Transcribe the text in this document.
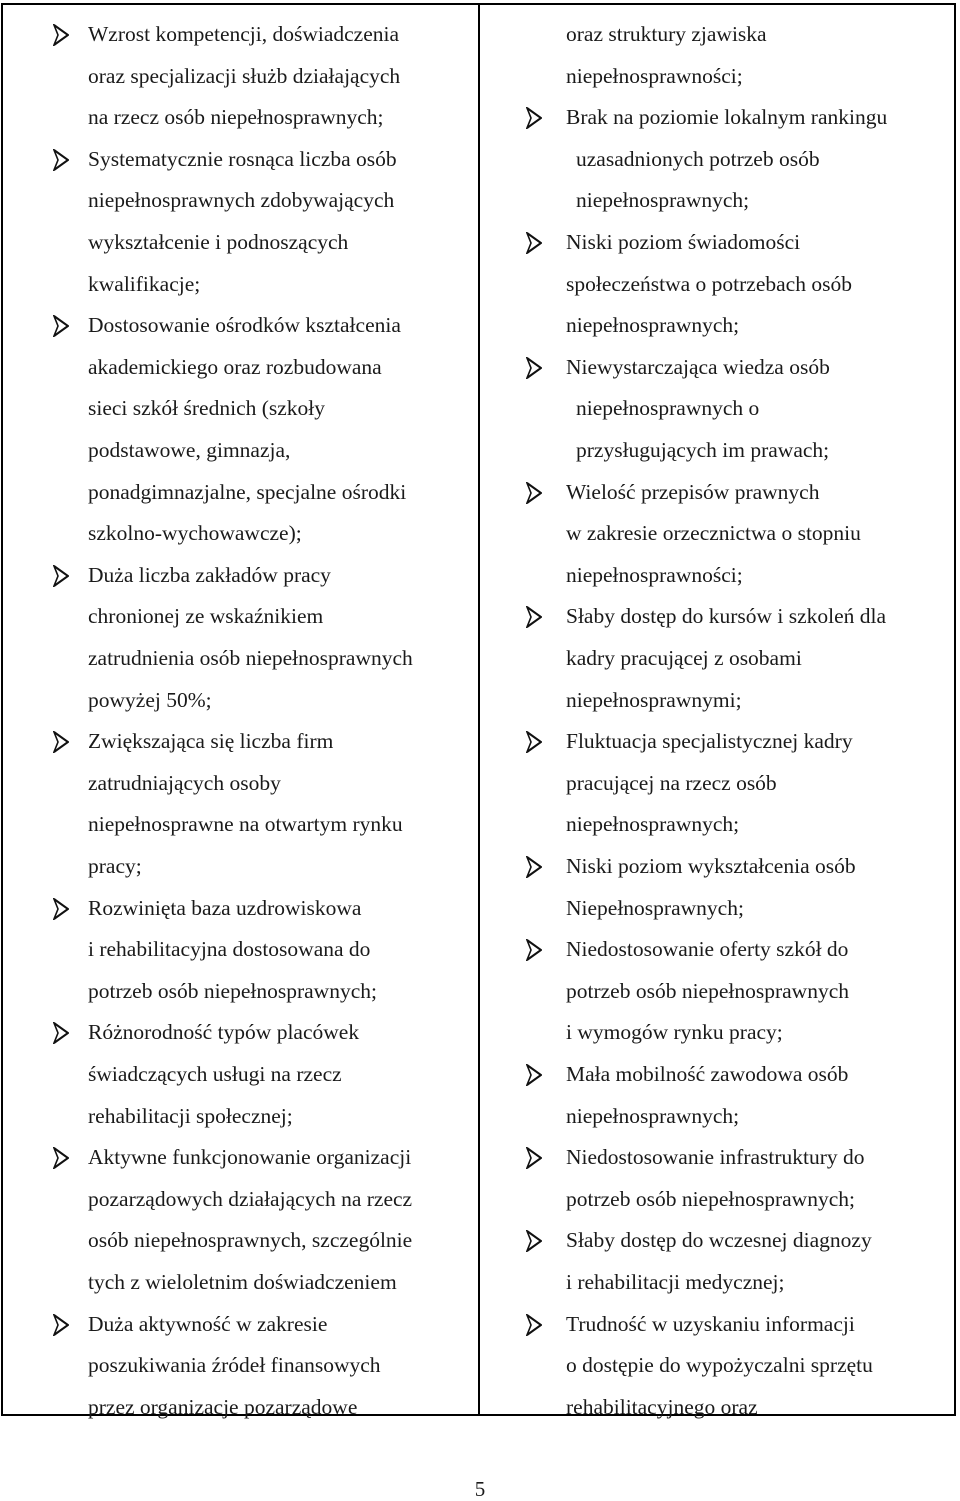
Wzrost kompetencji, doświadczenia
oraz specjalizacji służb działających
na rzecz osób niepełnosprawnych;
Systematycznie rosnąca liczba osób
niepełnosprawnych zdobywających
wykształcenie i podnoszących
kwalifikacje;
Dostosowanie ośrodków kształcenia
akademickiego oraz rozbudowana
sieci szkół średnich (szkoły
podstawowe, gimnazja,
ponadgimnazjalne, specjalne ośrodki
szkolno-wychowawcze);
Duża liczba zakładów pracy
chronionej ze wskaźnikiem
zatrudnienia osób niepełnosprawnych
powyżej 50%;
Zwiększająca się liczba firm
zatrudniających osoby
niepełnosprawne na otwartym rynku
pracy;
Rozwinięta baza uzdrowiskowa
i rehabilitacyjna dostosowana do
potrzeb osób niepełnosprawnych;
Różnorodność typów placówek
świadczących usługi na rzecz
rehabilitacji społecznej;
Aktywne funkcjonowanie organizacji
pozarządowych działających na rzecz
osób niepełnosprawnych, szczególnie
tych z wieloletnim doświadczeniem
Duża aktywność w zakresie
poszukiwania źródeł finansowych
przez organizacje pozarządowe
oraz struktury zjawiska
niepełnosprawności;
Brak na poziomie lokalnym rankingu
uzasadnionych potrzeb osób
niepełnosprawnych;
Niski poziom świadomości
społeczeństwa o potrzebach osób
niepełnosprawnych;
Niewystarczająca wiedza osób
niepełnosprawnych o
przysługujących im prawach;
Wielość przepisów prawnych
w zakresie orzecznictwa o stopniu
niepełnosprawności;
Słaby dostęp do kursów i szkoleń dla
kadry pracującej z osobami
niepełnosprawnymi;
Fluktuacja specjalistycznej kadry
pracującej na rzecz osób
niepełnosprawnych;
Niski poziom wykształcenia osób
Niepełnosprawnych;
Niedostosowanie oferty szkół do
potrzeb osób niepełnosprawnych
i wymogów rynku pracy;
Mała mobilność zawodowa osób
niepełnosprawnych;
Niedostosowanie infrastruktury do
potrzeb osób niepełnosprawnych;
Słaby dostęp do wczesnej diagnozy
i rehabilitacji medycznej;
Trudność w uzyskaniu informacji
o dostępie do wypożyczalni sprzętu
rehabilitacyjnego oraz
5
